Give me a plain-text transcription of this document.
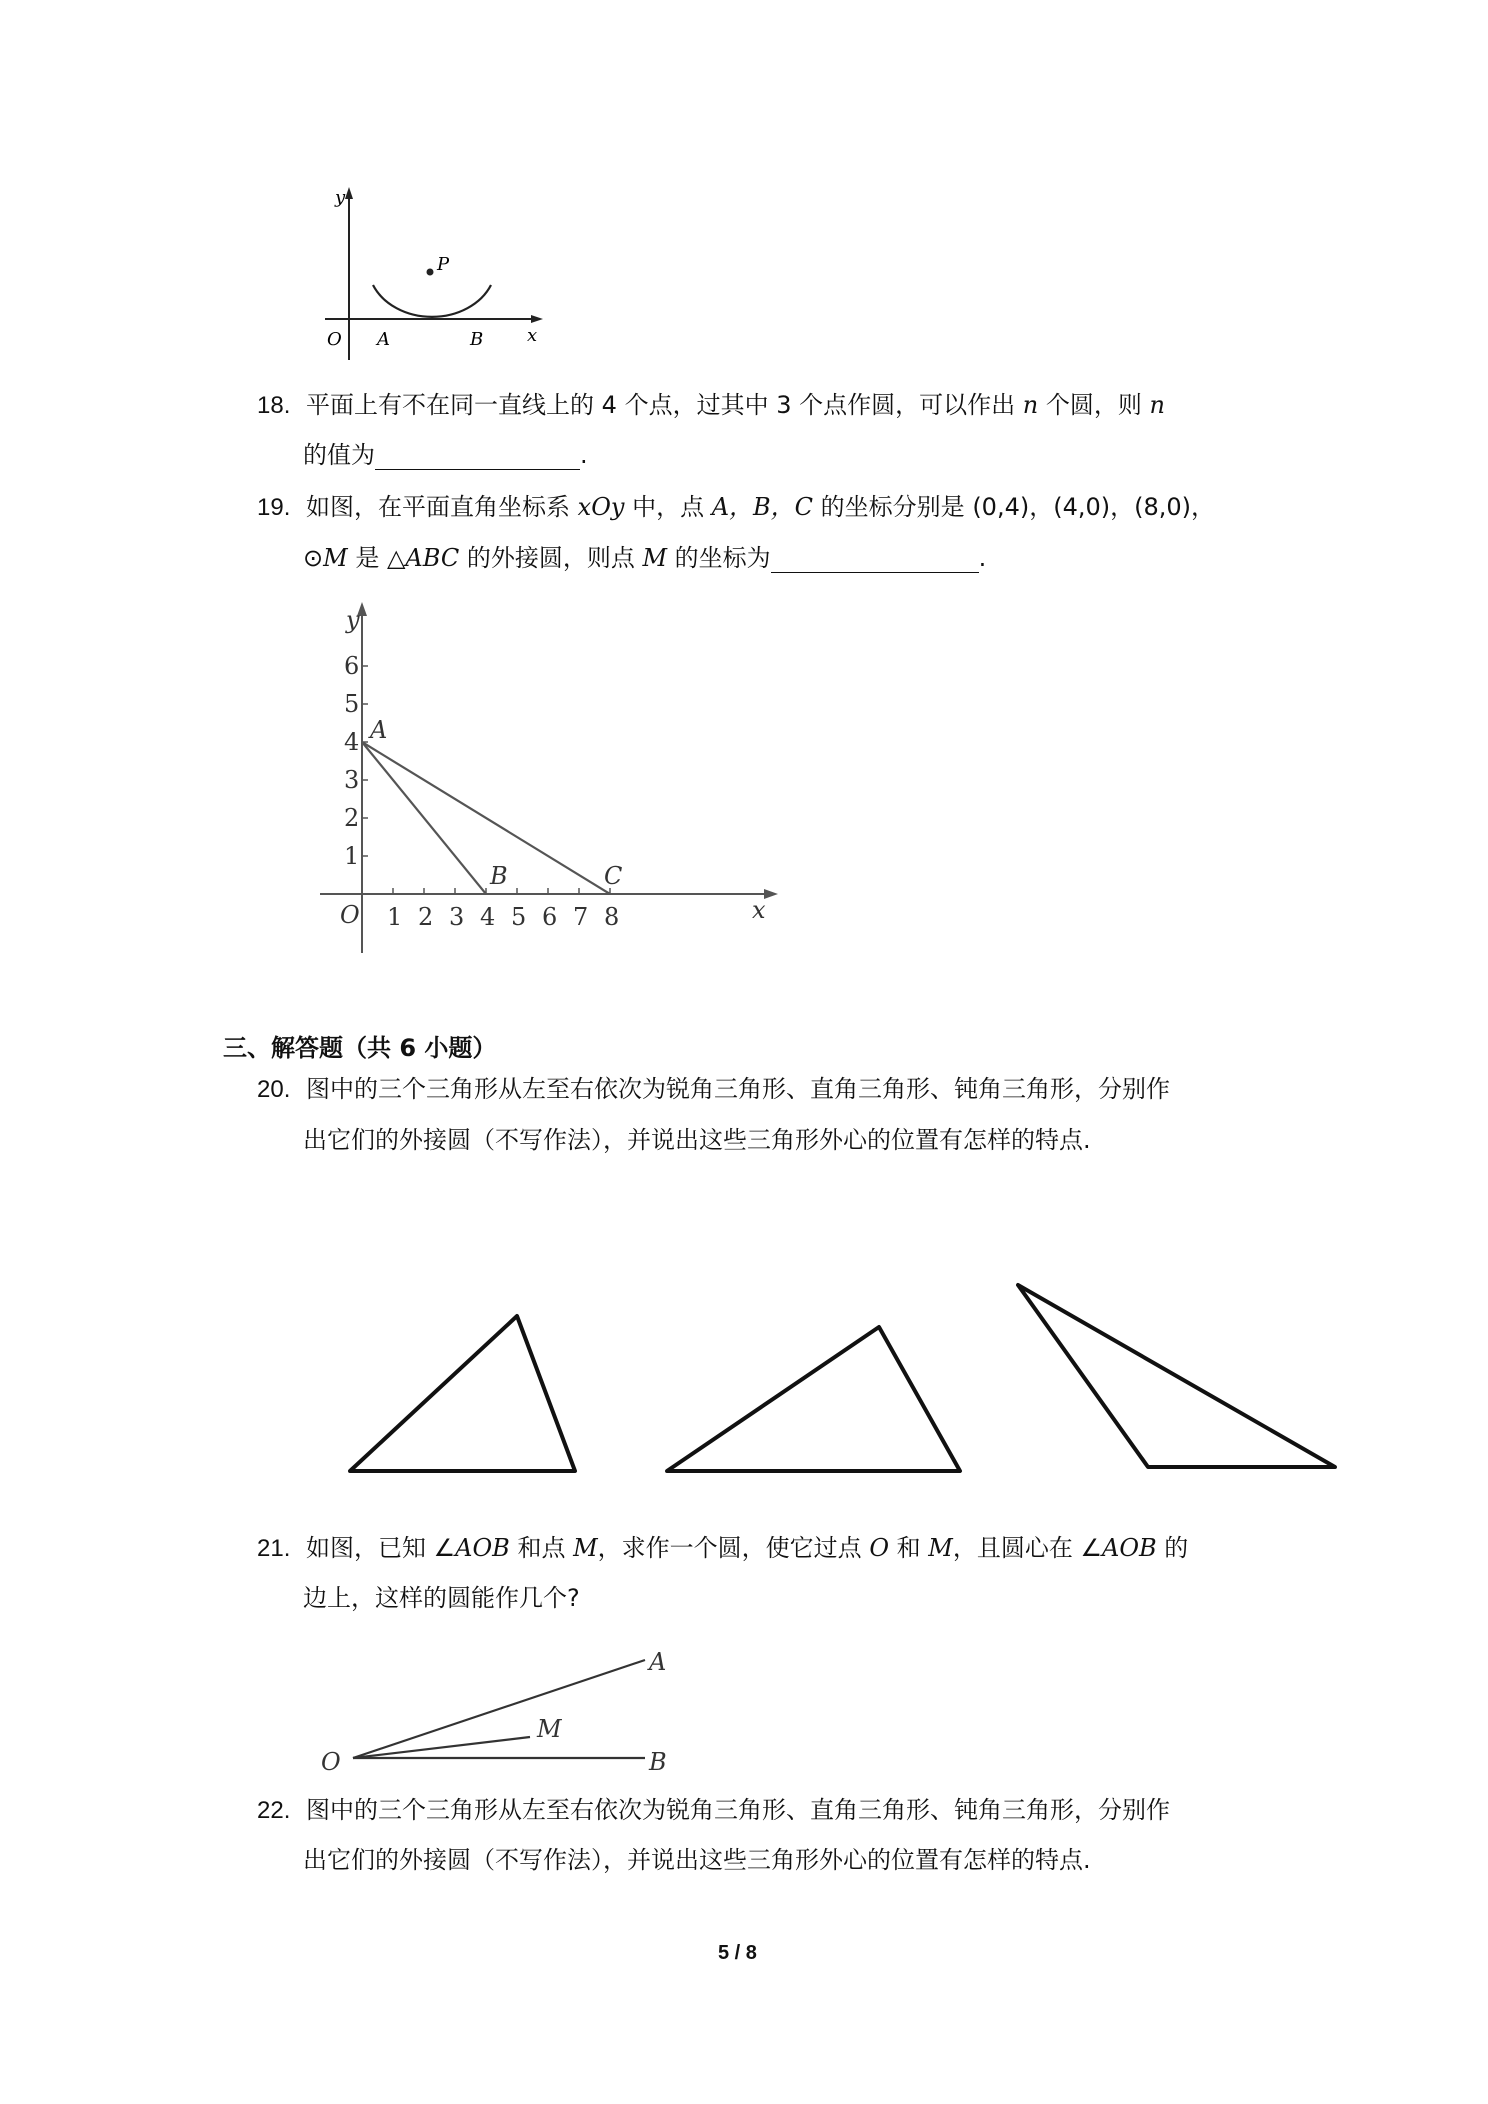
y
O A	B x
P
18. 平面上有不在同一直线上的 4 个点，过其中 3 个点作圆，可以作出 n 个圆，则 n
的值为	.
19. 如图，在平面直角坐标系 xOy 中，点 A，B，C 的坐标分别是 (0,4)，(4,0)，(8,0)，
⊙M 是 △ABC 的外接圆，则点 M 的坐标为	.
1 2 3 4 5 6 7 8
1
2
3
4
5
6
y
x
O
A
B	C
三、解答题（共 6 小题）
20. 图中的三个三角形从左至右依次为锐角三角形、直角三角形、钝角三角形，分别作
出它们的外接圆（不写作法），并说出这些三角形外心的位置有怎样的特点.
21. 如图，已知 ∠AOB 和点 M，求作一个圆，使它过点 O 和 M，且圆心在 ∠AOB 的
边上，这样的圆能作几个?
O
A
M
B
22. 图中的三个三角形从左至右依次为锐角三角形、直角三角形、钝角三角形，分别作
出它们的外接圆（不写作法），并说出这些三角形外心的位置有怎样的特点.
5 / 8
